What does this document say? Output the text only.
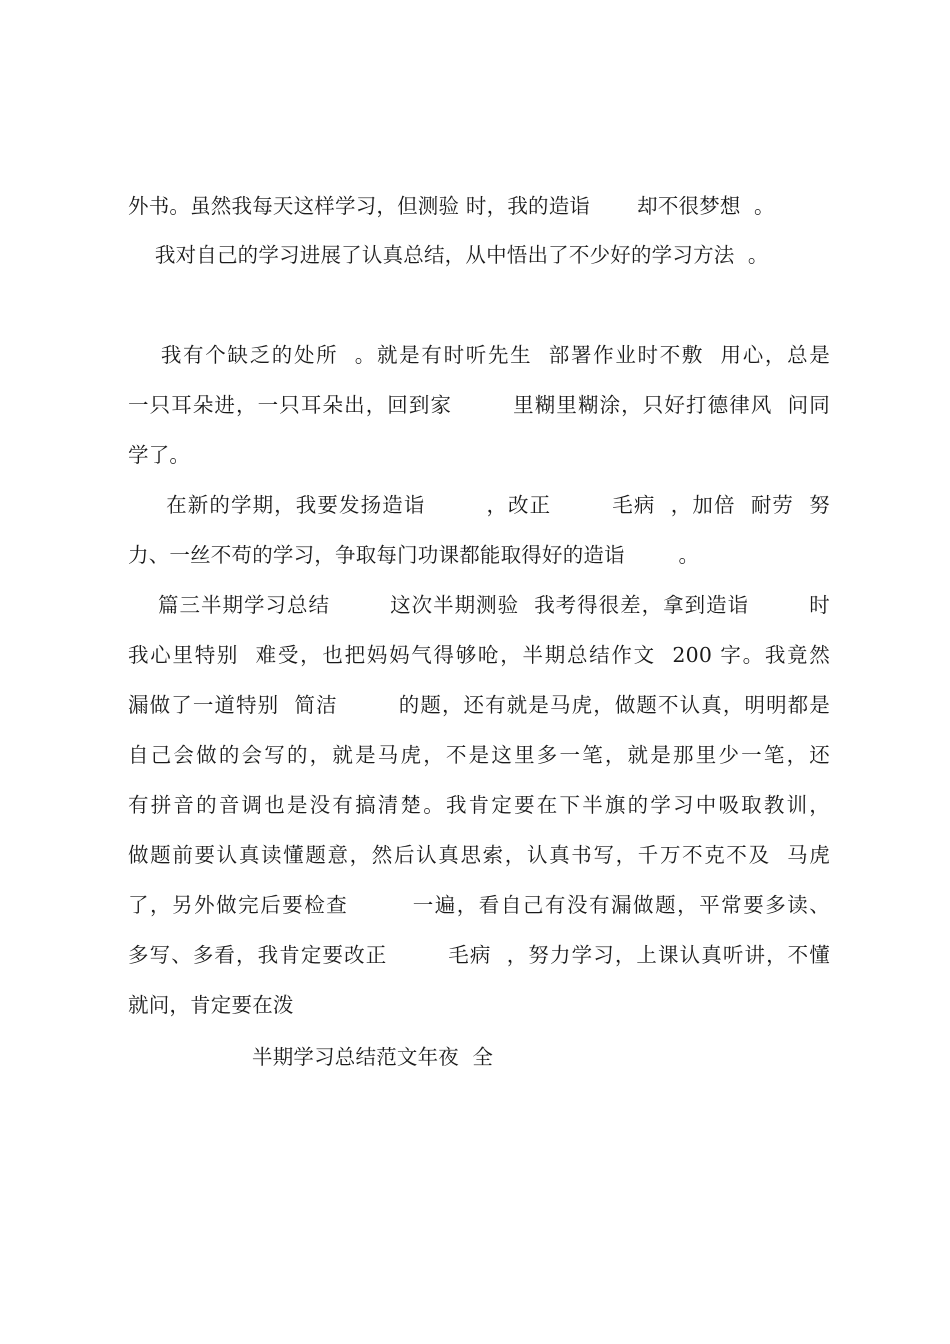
外书。虽然我每天这样学习，但测验 时，我的造诣       却不很梦想  。
我对自己的学习进展了认真总结，从中悟出了不少好的学习方法  。
我有个缺乏的处所  。就是有时听先生  部署作业时不敷  用心，总是
一只耳朵进，一只耳朵出，回到家        里糊里糊涂，只好打德律风  问同
学了。
在新的学期，我要发扬造诣        ，改正        毛病  ，加倍  耐劳  努
力、一丝不苟的学习，争取每门功课都能取得好的造诣        。
篇三半期学习总结        这次半期测验  我考得很差，拿到造诣        时
我心里特别  难受，也把妈妈气得够呛，半期总结作文  200 字。我竟然
漏做了一道特别  简洁        的题，还有就是马虎，做题不认真，明明都是
自己会做的会写的，就是马虎，不是这里多一笔，就是那里少一笔，还
有拼音的音调也是没有搞清楚。我肯定要在下半旗的学习中吸取教训，
做题前要认真读懂题意，然后认真思索，认真书写，千万不克不及  马虎
了，另外做完后要检查        一遍，看自己有没有漏做题，平常要多读、
多写、多看，我肯定要改正        毛病  ，努力学习，上课认真听讲，不懂
就问，肯定要在泼
半期学习总结范文年夜  全
